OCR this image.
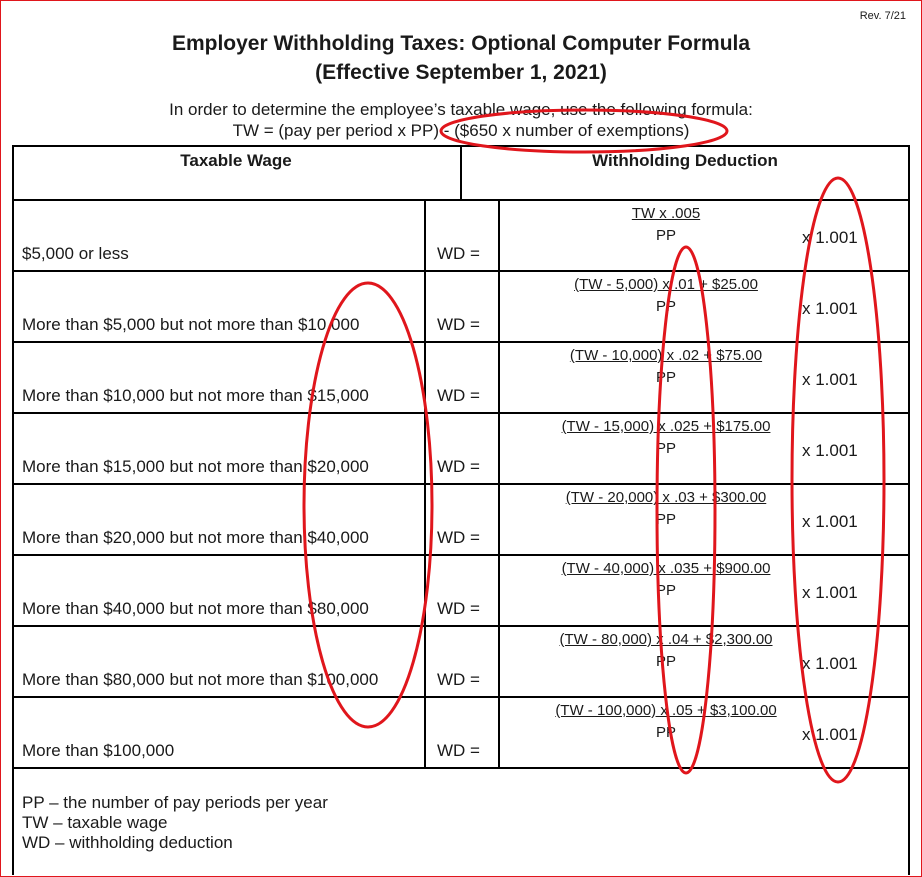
Rev. 7/21
Employer Withholding Taxes: Optional Computer Formula
(Effective September 1, 2021)
In order to determine the employee’s taxable wage, use the following formula:
TW = (pay per period x PP) - ($650 x number of exemptions)
Taxable Wage	Withholding Deduction
$5,000 or less	WD =
TW x .005
PP	x 1.001
More than $5,000 but not more than $10,000	WD =
(TW - 5,000) x .01 + $25.00
PP	x 1.001
More than $10,000 but not more than $15,000	WD =
(TW - 10,000) x .02 + $75.00
PP	x 1.001
More than $15,000 but not more than $20,000	WD =
(TW - 15,000) x .025 + $175.00
PP	x 1.001
More than $20,000 but not more than $40,000	WD =
(TW - 20,000) x .03 + $300.00
PP	x 1.001
More than $40,000 but not more than $80,000	WD =
(TW - 40,000) x .035 + $900.00
PP	x 1.001
More than $80,000 but not more than $100,000	WD =
(TW - 80,000) x .04 + $2,300.00
PP	x 1.001
More than $100,000	WD =
(TW - 100,000) x .05 + $3,100.00
PP	x 1.001
PP – the number of pay periods per year
TW – taxable wage
WD – withholding deduction
